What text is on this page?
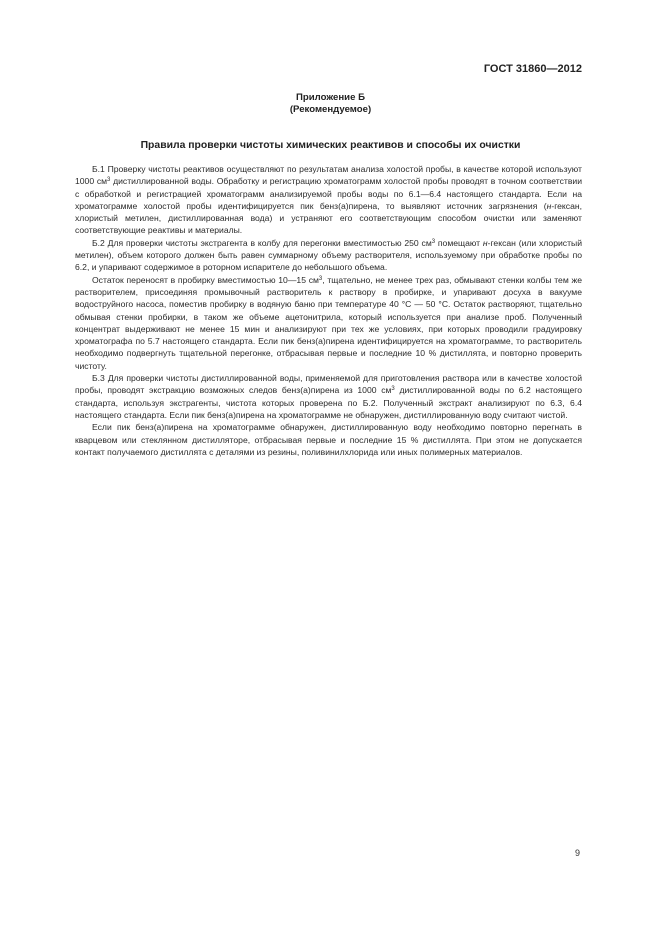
ГОСТ 31860—2012
Приложение Б
(Рекомендуемое)
Правила проверки чистоты химических реактивов и способы их очистки

Б.1 Проверку чистоты реактивов осуществляют по результатам анализа холостой пробы, в качестве которой используют 1000 $см^3$ дистиллированной воды. Обработку и регистрацию хроматограмм холостой пробы проводят в точном соответствии с обработкой и регистрацией хроматограмм анализируемой пробы воды по 6.1—6.4 настоящего стандарта. Если на хроматограмме холостой пробы идентифицируется пик бенз(а)пирена, то выявляют источник загрязнения (н-гексан, хлористый метилен, дистиллированная вода) и устраняют его соответствующим способом очистки или заменяют соответствующие реактивы и материалы.

Б.2 Для проверки чистоты экстрагента в колбу для перегонки вместимостью 250 $см^3$ помещают н-гексан (или хлористый метилен), объем которого должен быть равен суммарному объему растворителя, используемому при обработке пробы по 6.2, и упаривают содержимое в роторном испарителе до небольшого объема.

Остаток переносят в пробирку вместимостью 10—15 $см^3$, тщательно, не менее трех раз, обмывают стенки колбы тем же растворителем, присоединяя промывочный растворитель к раствору в пробирке, и упаривают досуха в вакууме водоструйного насоса, поместив пробирку в водяную баню при температуре 40 °С — 50 °С. Остаток растворяют, тщательно обмывая стенки пробирки, в таком же объеме ацетонитрила, который используется при анализе проб. Полученный концентрат выдерживают не менее 15 мин и анализируют при тех же условиях, при которых проводили градуировку хроматографа по 5.7 настоящего стандарта. Если пик бенз(а)пирена идентифицируется на хроматограмме, то растворитель необходимо подвергнуть тщательной перегонке, отбрасывая первые и последние 10 % дистиллята, и повторно проверить чистоту.

Б.3 Для проверки чистоты дистиллированной воды, применяемой для приготовления раствора или в качестве холостой пробы, проводят экстракцию возможных следов бенз(а)пирена из 1000 $см^3$ дистиллированной воды по 6.2 настоящего стандарта, используя экстрагенты, чистота которых проверена по Б.2. Полученный экстракт анализируют по 6.3, 6.4 настоящего стандарта. Если пик бенз(а)пирена на хроматограмме не обнаружен, дистиллированную воду считают чистой.

Если пик бенз(а)пирена на хроматограмме обнаружен, дистиллированную воду необходимо повторно перегнать в кварцевом или стеклянном дистилляторе, отбрасывая первые и последние 15 % дистиллята. При этом не допускается контакт получаемого дистиллята с деталями из резины, поливинилхлорида или иных полимерных материалов.

9
